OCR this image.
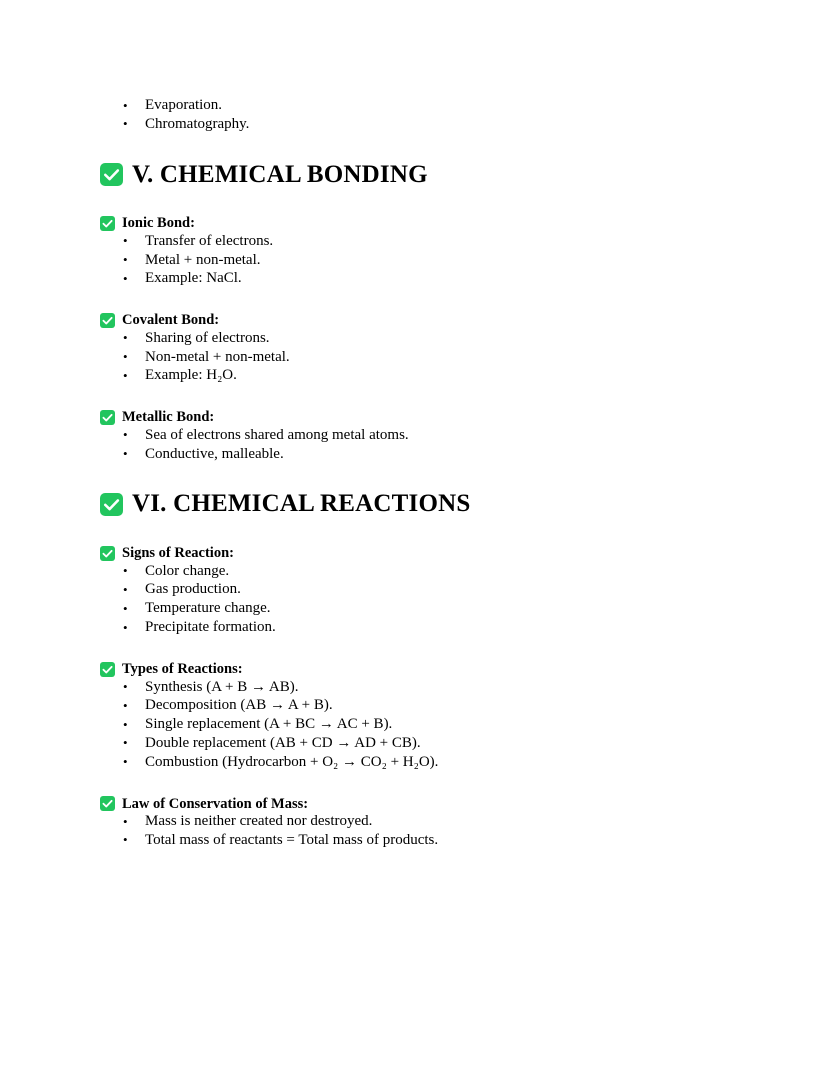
• Evaporation.
• Chromatography.
V. CHEMICAL BONDING
Ionic Bond:
• Transfer of electrons.
• Metal + non-metal.
• Example: NaCl.
Covalent Bond:
• Sharing of electrons.
• Non-metal + non-metal.
• Example: H₂O.
Metallic Bond:
• Sea of electrons shared among metal atoms.
• Conductive, malleable.
VI. CHEMICAL REACTIONS
Signs of Reaction:
• Color change.
• Gas production.
• Temperature change.
• Precipitate formation.
Types of Reactions:
• Synthesis (A + B → AB).
• Decomposition (AB → A + B).
• Single replacement (A + BC → AC + B).
• Double replacement (AB + CD → AD + CB).
• Combustion (Hydrocarbon + O₂ → CO₂ + H₂O).
Law of Conservation of Mass:
• Mass is neither created nor destroyed.
• Total mass of reactants = Total mass of products.
